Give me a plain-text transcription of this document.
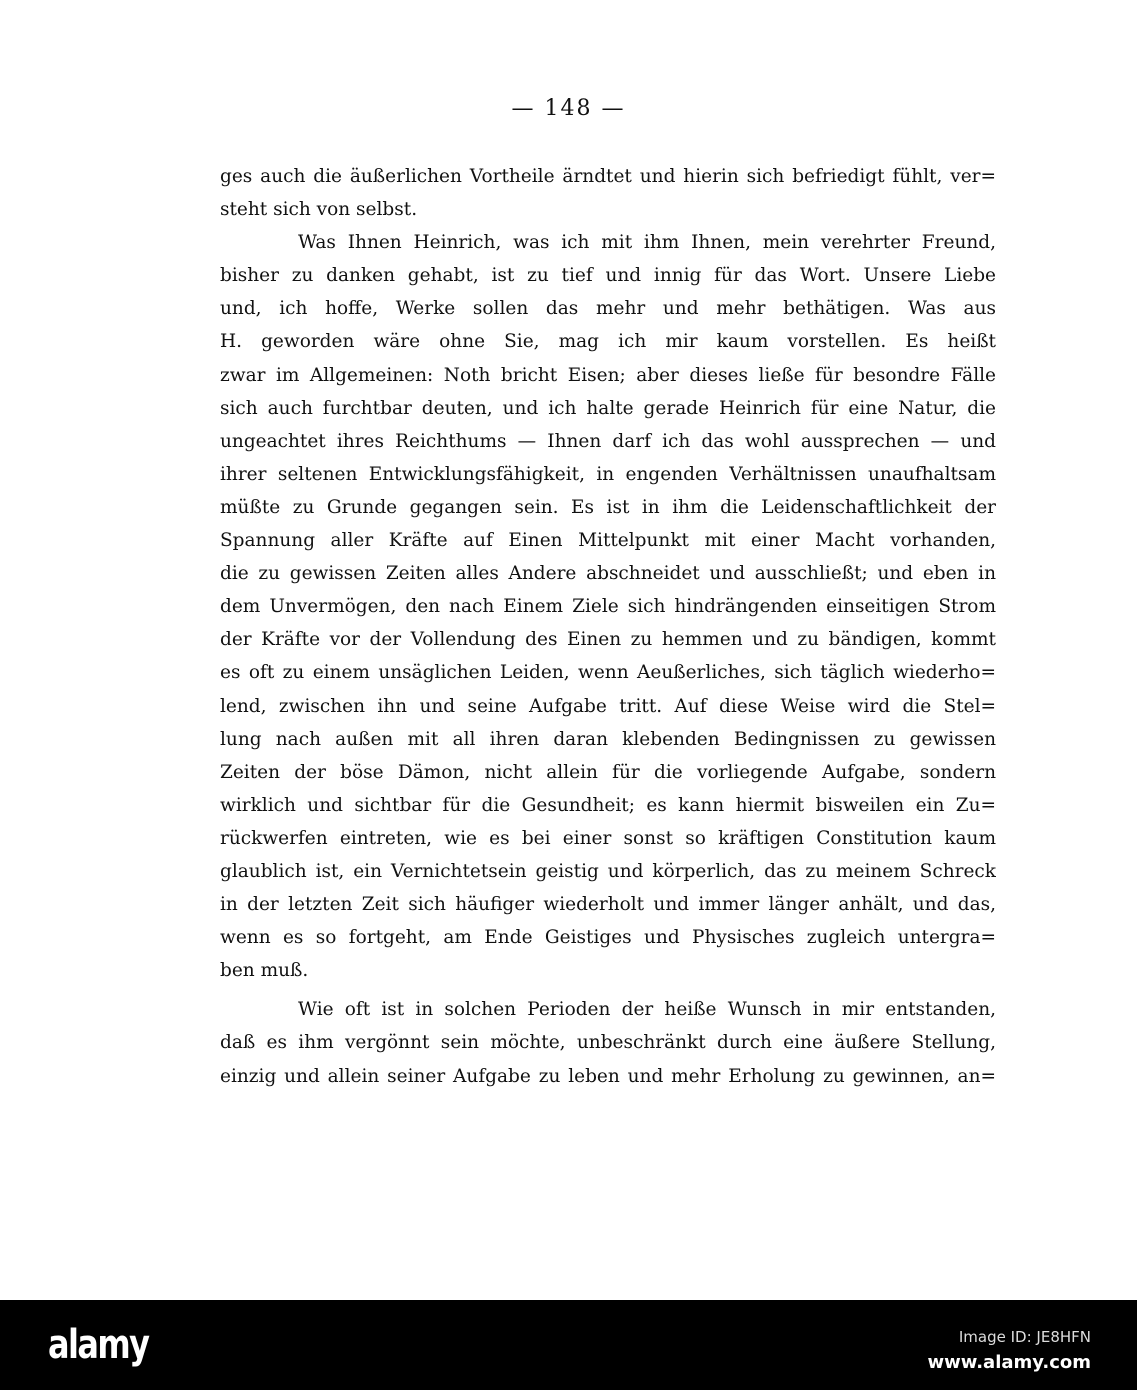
— 148 —
ges auch die äußerlichen Vortheile ärndtet und hierin sich befriedigt fühlt, ver=
steht sich von selbst.
Was Ihnen Heinrich, was ich mit ihm Ihnen, mein verehrter Freund,
bisher zu danken gehabt, ist zu tief und innig für das Wort. Unsere Liebe
und, ich hoffe, Werke sollen das mehr und mehr bethätigen. Was aus
H. geworden wäre ohne Sie, mag ich mir kaum vorstellen. Es heißt
zwar im Allgemeinen: Noth bricht Eisen; aber dieses ließe für besondre Fälle
sich auch furchtbar deuten, und ich halte gerade Heinrich für eine Natur, die
ungeachtet ihres Reichthums — Ihnen darf ich das wohl aussprechen — und
ihrer seltenen Entwicklungsfähigkeit, in engenden Verhältnissen unaufhaltsam
müßte zu Grunde gegangen sein. Es ist in ihm die Leidenschaftlichkeit der
Spannung aller Kräfte auf Einen Mittelpunkt mit einer Macht vorhanden,
die zu gewissen Zeiten alles Andere abschneidet und ausschließt; und eben in
dem Unvermögen, den nach Einem Ziele sich hindrängenden einseitigen Strom
der Kräfte vor der Vollendung des Einen zu hemmen und zu bändigen, kommt
es oft zu einem unsäglichen Leiden, wenn Aeußerliches, sich täglich wiederho=
lend, zwischen ihn und seine Aufgabe tritt. Auf diese Weise wird die Stel=
lung nach außen mit all ihren daran klebenden Bedingnissen zu gewissen
Zeiten der böse Dämon, nicht allein für die vorliegende Aufgabe, sondern
wirklich und sichtbar für die Gesundheit; es kann hiermit bisweilen ein Zu=
rückwerfen eintreten, wie es bei einer sonst so kräftigen Constitution kaum
glaublich ist, ein Vernichtetsein geistig und körperlich, das zu meinem Schreck
in der letzten Zeit sich häufiger wiederholt und immer länger anhält, und das,
wenn es so fortgeht, am Ende Geistiges und Physisches zugleich untergra=
ben muß.
Wie oft ist in solchen Perioden der heiße Wunsch in mir entstanden,
daß es ihm vergönnt sein möchte, unbeschränkt durch eine äußere Stellung,
einzig und allein seiner Aufgabe zu leben und mehr Erholung zu gewinnen, an=
alamy	Image ID: JE8HFN
www.alamy.com
